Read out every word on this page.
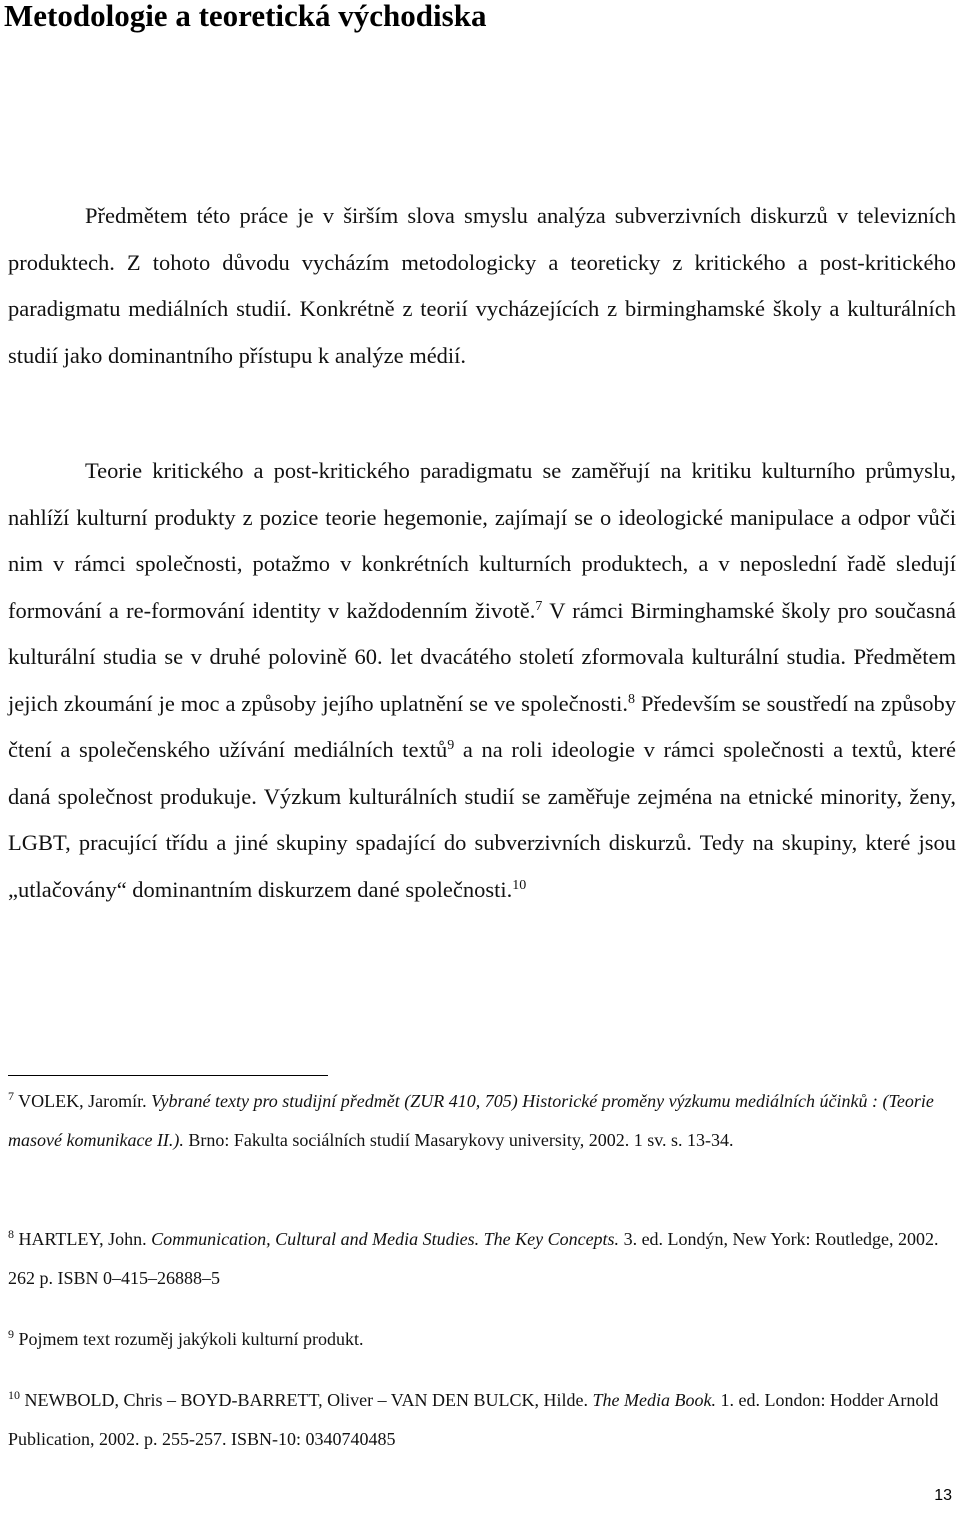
Metodologie a teoretická východiska

Předmětem této práce je v širším slova smyslu analýza subverzivních diskurzů v televizních produktech. Z tohoto důvodu vycházím metodologicky a teoreticky z kritického a post-kritického paradigmatu mediálních studií. Konkrétně z teorií vycházejících z birminghamské školy a kulturálních studií jako dominantního přístupu k analýze médií.

Teorie kritického a post-kritického paradigmatu se zaměřují na kritiku kulturního průmyslu, nahlíží kulturní produkty z pozice teorie hegemonie, zajímají se o ideologické manipulace a odpor vůči nim v rámci společnosti, potažmo v konkrétních kulturních produktech, a v neposlední řadě sledují formování a re-formování identity v každodenním životě.$^7$ V rámci Birminghamské školy pro současná kulturální studia se v druhé polovině 60. let dvacátého století zformovala kulturální studia. Předmětem jejich zkoumání je moc a způsoby jejího uplatnění se ve společnosti.$^8$ Především se soustředí na způsoby čtení a společenského užívání mediálních textů$^9$ a na roli ideologie v rámci společnosti a textů, které daná společnost produkuje. Výzkum kulturálních studií se zaměřuje zejména na etnické minority, ženy, LGBT, pracující třídu a jiné skupiny spadající do subverzivních diskurzů. Tedy na skupiny, které jsou „utlačovány“ dominantním diskurzem dané společnosti.$^{10}$

$^7$ VOLEK, Jaromír. Vybrané texty pro studijní předmět (ZUR 410, 705) Historické proměny výzkumu mediálních účinků : (Teorie masové komunikace II.). Brno: Fakulta sociálních studií Masarykovy university, 2002. 1 sv. s. 13-34.

$^8$ HARTLEY, John. Communication, Cultural and Media Studies. The Key Concepts. 3. ed. Londýn, New York: Routledge, 2002. 262 p. ISBN 0–415–26888–5

$^9$ Pojmem text rozuměj jakýkoli kulturní produkt.

$^{10}$ NEWBOLD, Chris – BOYD-BARRETT, Oliver – VAN DEN BULCK, Hilde. The Media Book. 1. ed. London: Hodder Arnold Publication, 2002. p. 255-257. ISBN-10: 0340740485

13
